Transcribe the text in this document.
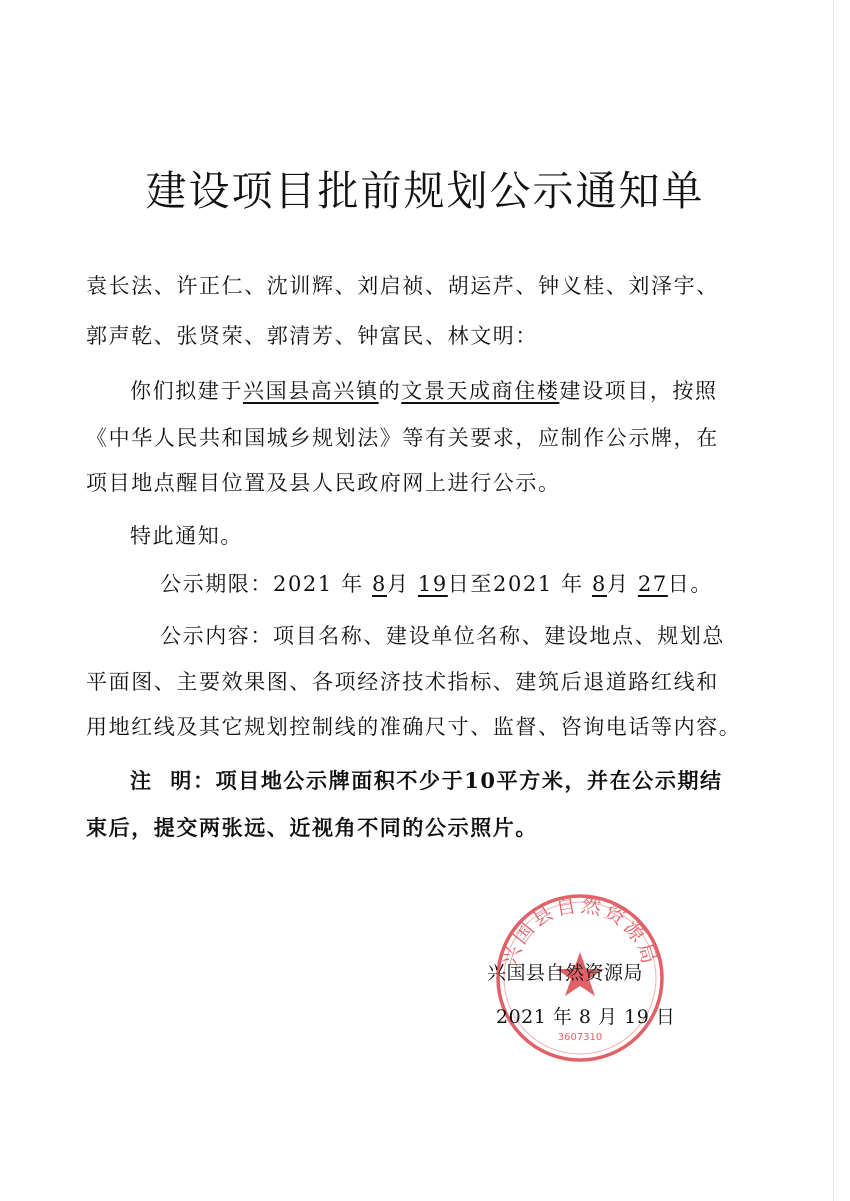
建设项目批前规划公示通知单
袁长法、许正仁、沈训辉、刘启祯、胡运芹、钟义桂、刘泽宇、
郭声乾、张贤荣、郭清芳、钟富民、林文明：
你们拟建于兴国县高兴镇的文景天成商住楼建设项目，按照
《中华人民共和国城乡规划法》等有关要求，应制作公示牌，在
项目地点醒目位置及县人民政府网上进行公示。
特此通知。
公示期限：2021 年 8月 19日至2021 年 8月 27日。
公示内容：项目名称、建设单位名称、建设地点、规划总
平面图、主要效果图、各项经济技术指标、建筑后退道路红线和
用地红线及其它规划控制线的准确尺寸、监督、咨询电话等内容。
注  明：项目地公示牌面积不少于10平方米，并在公示期结
束后，提交两张远、近视角不同的公示照片。
兴国县自然资源局
3607310
兴国县自然资源局
2021 年 8 月 19 日
